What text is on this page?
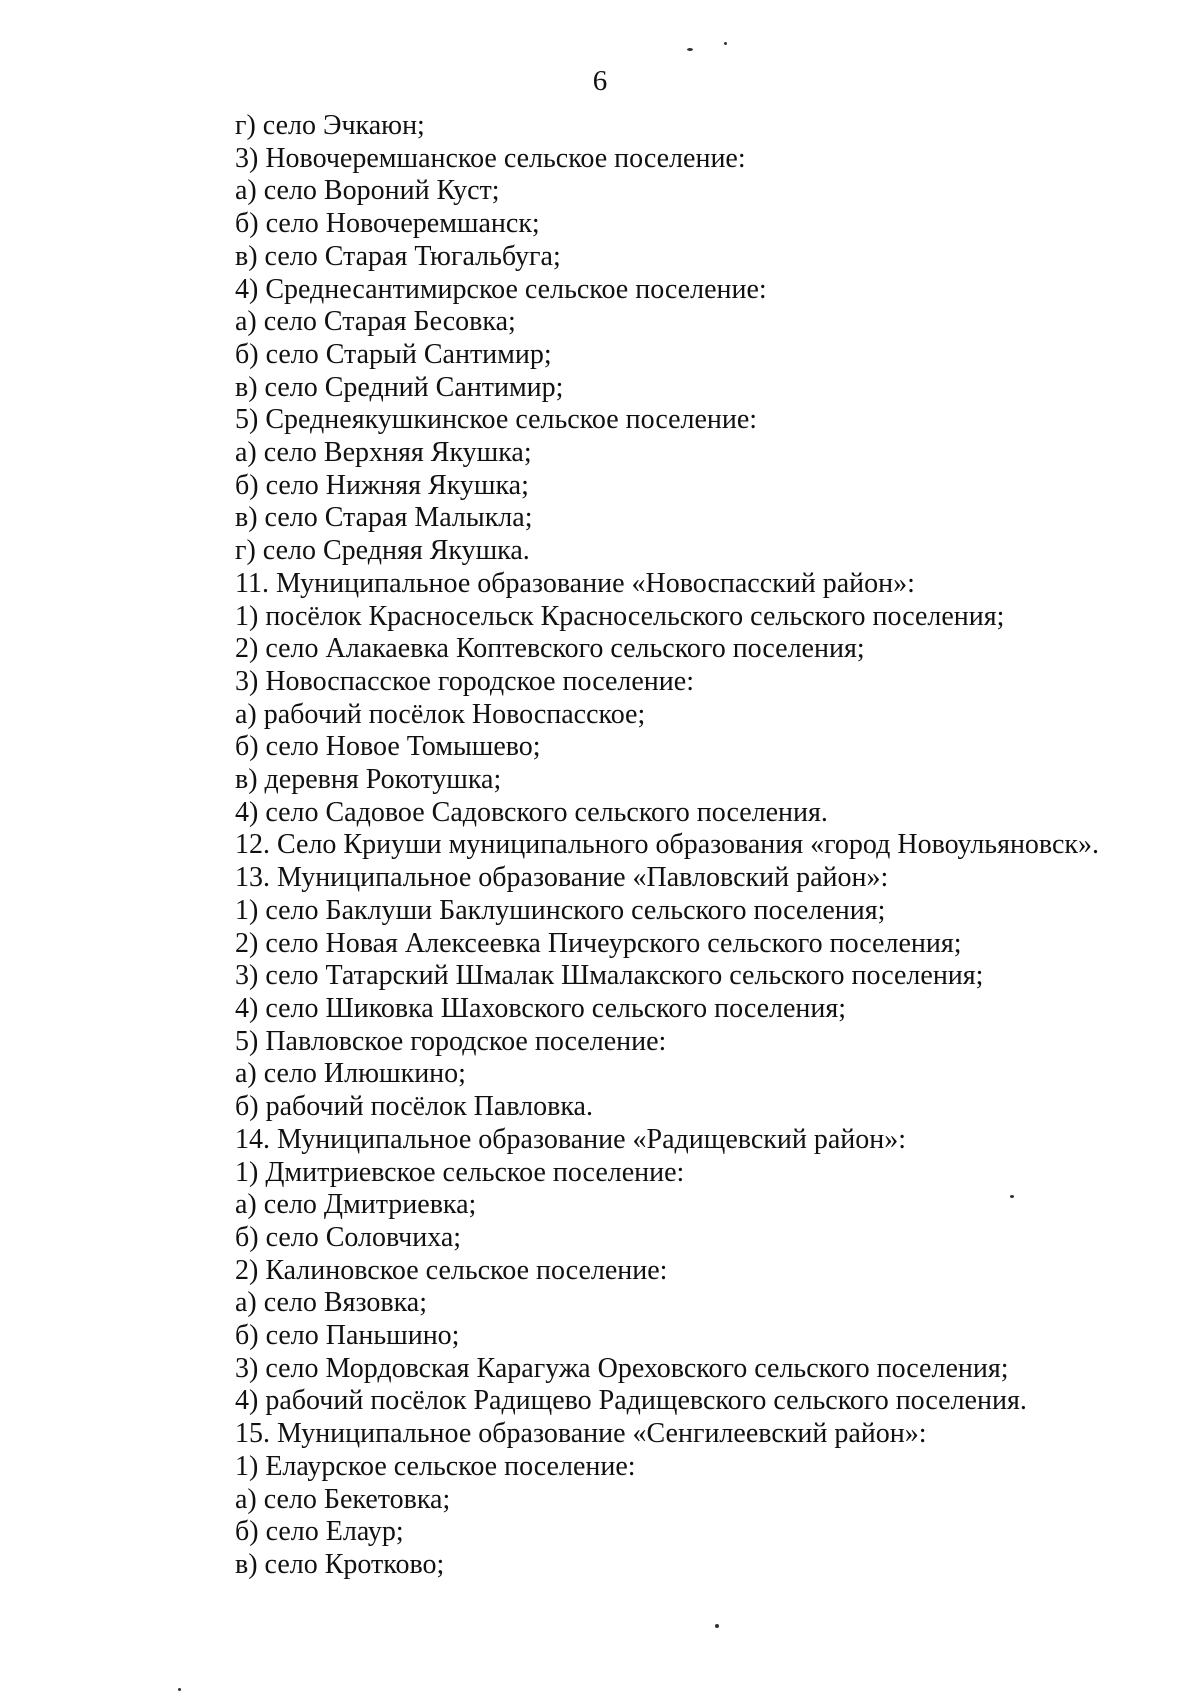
6
г) село Эчкаюн;
3) Новочеремшанское сельское поселение:
а) село Вороний Куст;
б) село Новочеремшанск;
в) село Старая Тюгальбуга;
4) Среднесантимирское сельское поселение:
а) село Старая Бесовка;
б) село Старый Сантимир;
в) село Средний Сантимир;
5) Среднеякушкинское сельское поселение:
а) село Верхняя Якушка;
б) село Нижняя Якушка;
в) село Старая Малыкла;
г) село Средняя Якушка.
11. Муниципальное образование «Новоспасский район»:
1) посёлок Красносельск Красносельского сельского поселения;
2) село Алакаевка Коптевского сельского поселения;
3) Новоспасское городское поселение:
а) рабочий посёлок Новоспасское;
б) село Новое Томышево;
в) деревня Рокотушка;
4) село Садовое Садовского сельского поселения.
12. Село Криуши муниципального образования «город Новоульяновск».
13. Муниципальное образование «Павловский район»:
1) село Баклуши Баклушинского сельского поселения;
2) село Новая Алексеевка Пичеурского сельского поселения;
3) село Татарский Шмалак Шмалакского сельского поселения;
4) село Шиковка Шаховского сельского поселения;
5) Павловское городское поселение:
а) село Илюшкино;
б) рабочий посёлок Павловка.
14. Муниципальное образование «Радищевский район»:
1) Дмитриевское сельское поселение:
а) село Дмитриевка;
б) село Соловчиха;
2) Калиновское сельское поселение:
а) село Вязовка;
б) село Паньшино;
3) село Мордовская Карагужа Ореховского сельского поселения;
4) рабочий посёлок Радищево Радищевского сельского поселения.
15. Муниципальное образование «Сенгилеевский район»:
1) Елаурское сельское поселение:
а) село Бекетовка;
б) село Елаур;
в) село Кротково;
